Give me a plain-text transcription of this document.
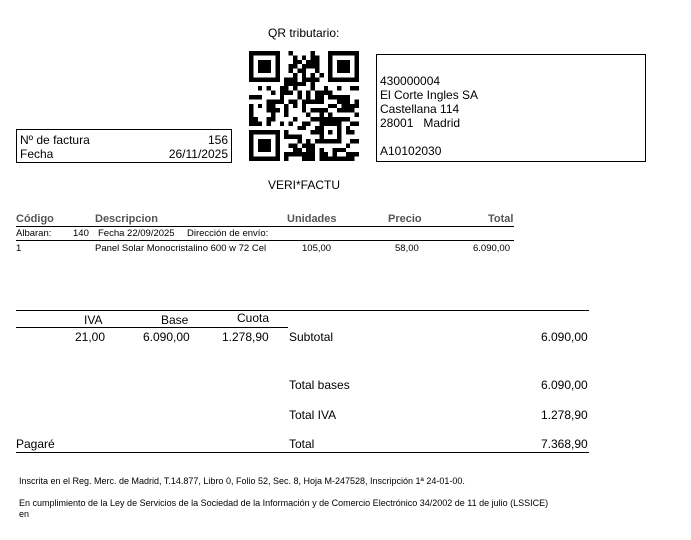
QR tributario:
VERI*FACTU
Nº de factura	156
Fecha	26/11/2025
430000004
El Corte Ingles SA
Castellana 114
28001   Madrid
A10102030
Código	Descripcion	Unidades	Precio	Total
Albaran: 140 Fecha 22/09/2025 Dirección de envío:
1	Panel Solar Monocristalino 600 w 72 Cel	105,00	58,00	6.090,00
IVA	Base	Cuota
21,00	6.090,00	1.278,90 Subtotal	6.090,00
Total bases	6.090,00
Total IVA	1.278,90
Pagaré	Total	7.368,90
Inscrita en el Reg. Merc. de Madrid, T.14.877, Libro 0, Folio 52, Sec. 8, Hoja M-247528, Inscripción 1ª 24-01-00.
En cumplimiento de la Ley de Servicios de la Sociedad de la Información y de Comercio Electrónico 34/2002 de 11 de julio (LSSICE)
en
